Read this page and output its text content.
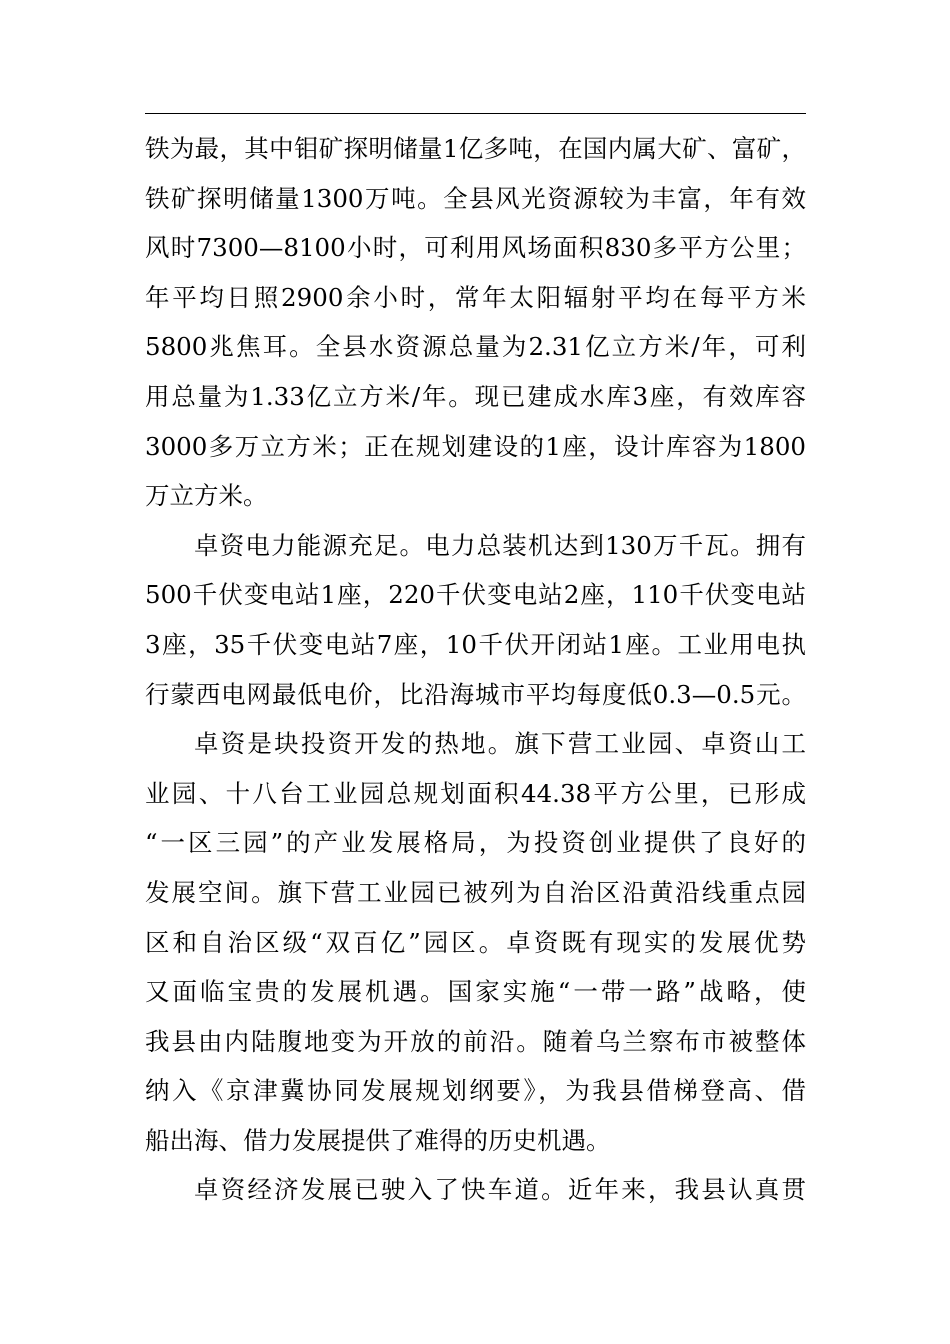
铁为最，其中钼矿探明储量1亿多吨，在国内属大矿、富矿，
铁矿探明储量1300万吨。全县风光资源较为丰富，年有效
风时7300—8100小时，可利用风场面积830多平方公里；
年平均日照2900余小时，常年太阳辐射平均在每平方米
5800兆焦耳。全县水资源总量为2.31亿立方米/年，可利
用总量为1.33亿立方米/年。现已建成水库3座，有效库容
3000多万立方米；正在规划建设的1座，设计库容为1800
万立方米。
卓资电力能源充足。电力总装机达到130万千瓦。拥有
500千伏变电站1座，220千伏变电站2座，110千伏变电站
3座，35千伏变电站7座，10千伏开闭站1座。工业用电执
行蒙西电网最低电价，比沿海城市平均每度低0.3—0.5元。
卓资是块投资开发的热地。旗下营工业园、卓资山工
业园、十八台工业园总规划面积44.38平方公里，已形成
“一区三园”的产业发展格局，为投资创业提供了良好的
发展空间。旗下营工业园已被列为自治区沿黄沿线重点园
区和自治区级“双百亿”园区。卓资既有现实的发展优势
又面临宝贵的发展机遇。国家实施“一带一路”战略，使
我县由内陆腹地变为开放的前沿。随着乌兰察布市被整体
纳入《京津冀协同发展规划纲要》，为我县借梯登高、借
船出海、借力发展提供了难得的历史机遇。
卓资经济发展已驶入了快车道。近年来，我县认真贯
